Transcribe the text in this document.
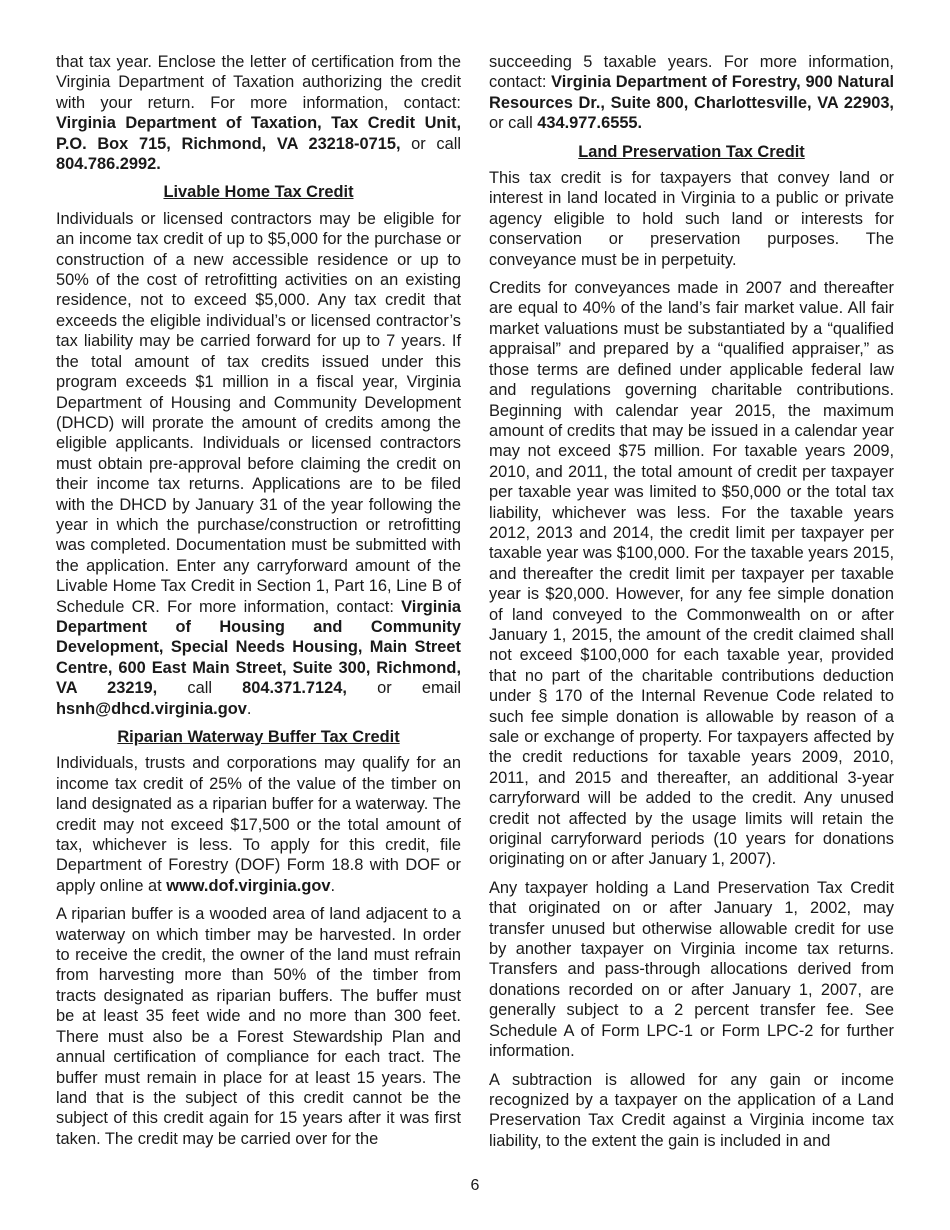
that tax year. Enclose the letter of certification from the Virginia Department of Taxation authorizing the credit with your return. For more information, contact: Virginia Department of Taxation, Tax Credit Unit, P.O. Box 715, Richmond, VA 23218-0715, or call 804.786.2992.

Livable Home Tax Credit

Individuals or licensed contractors may be eligible for an income tax credit of up to $5,000 for the purchase or construction of a new accessible residence or up to 50% of the cost of retrofitting activities on an existing residence, not to exceed $5,000. Any tax credit that exceeds the eligible individual’s or licensed contractor’s tax liability may be carried forward for up to 7 years. If the total amount of tax credits issued under this program exceeds $1 million in a fiscal year, Virginia Department of Housing and Community Development (DHCD) will prorate the amount of credits among the eligible applicants. Individuals or licensed contractors must obtain pre-approval before claiming the credit on their income tax returns. Applications are to be filed with the DHCD by January 31 of the year following the year in which the purchase/construction or retrofitting was completed. Documentation must be submitted with the application. Enter any carryforward amount of the Livable Home Tax Credit in Section 1, Part 16, Line B of Schedule CR. For more information, contact: Virginia Department of Housing and Community Development, Special Needs Housing, Main Street Centre, 600 East Main Street, Suite 300, Richmond, VA 23219, call 804.371.7124, or email hsnh@dhcd.virginia.gov.

Riparian Waterway Buffer Tax Credit

Individuals, trusts and corporations may qualify for an income tax credit of 25% of the value of the timber on land designated as a riparian buffer for a waterway. The credit may not exceed $17,500 or the total amount of tax, whichever is less. To apply for this credit, file Department of Forestry (DOF) Form 18.8 with DOF or apply online at www.dof.virginia.gov.

A riparian buffer is a wooded area of land adjacent to a waterway on which timber may be harvested. In order to receive the credit, the owner of the land must refrain from harvesting more than 50% of the timber from tracts designated as riparian buffers. The buffer must be at least 35 feet wide and no more than 300 feet. There must also be a Forest Stewardship Plan and annual certification of compliance for each tract. The buffer must remain in place for at least 15 years. The land that is the subject of this credit cannot be the subject of this credit again for 15 years after it was first taken. The credit may be carried over for the

succeeding 5 taxable years. For more information, contact: Virginia Department of Forestry, 900 Natural Resources Dr., Suite 800, Charlottesville, VA 22903, or call 434.977.6555.

Land Preservation Tax Credit

This tax credit is for taxpayers that convey land or interest in land located in Virginia to a public or private agency eligible to hold such land or interests for conservation or preservation purposes. The conveyance must be in perpetuity.

Credits for conveyances made in 2007 and thereafter are equal to 40% of the land’s fair market value. All fair market valuations must be substantiated by a “qualified appraisal” and prepared by a “qualified appraiser,” as those terms are defined under applicable federal law and regulations governing charitable contributions. Beginning with calendar year 2015, the maximum amount of credits that may be issued in a calendar year may not exceed $75 million. For taxable years 2009, 2010, and 2011, the total amount of credit per taxpayer per taxable year was limited to $50,000 or the total tax liability, whichever was less. For the taxable years 2012, 2013 and 2014, the credit limit per taxpayer per taxable year was $100,000. For the taxable years 2015, and thereafter the credit limit per taxpayer per taxable year is $20,000. However, for any fee simple donation of land conveyed to the Commonwealth on or after January 1, 2015, the amount of the credit claimed shall not exceed $100,000 for each taxable year, provided that no part of the charitable contributions deduction under § 170 of the Internal Revenue Code related to such fee simple donation is allowable by reason of a sale or exchange of property. For taxpayers affected by the credit reductions for taxable years 2009, 2010, 2011, and 2015 and thereafter, an additional 3-year carryforward will be added to the credit. Any unused credit not affected by the usage limits will retain the original carryforward periods (10 years for donations originating on or after January 1, 2007).

Any taxpayer holding a Land Preservation Tax Credit that originated on or after January 1, 2002, may transfer unused but otherwise allowable credit for use by another taxpayer on Virginia income tax returns. Transfers and pass-through allocations derived from donations recorded on or after January 1, 2007, are generally subject to a 2 percent transfer fee. See Schedule A of Form LPC-1 or Form LPC-2 for further information.

A subtraction is allowed for any gain or income recognized by a taxpayer on the application of a Land Preservation Tax Credit against a Virginia income tax liability, to the extent the gain is included in and

6
